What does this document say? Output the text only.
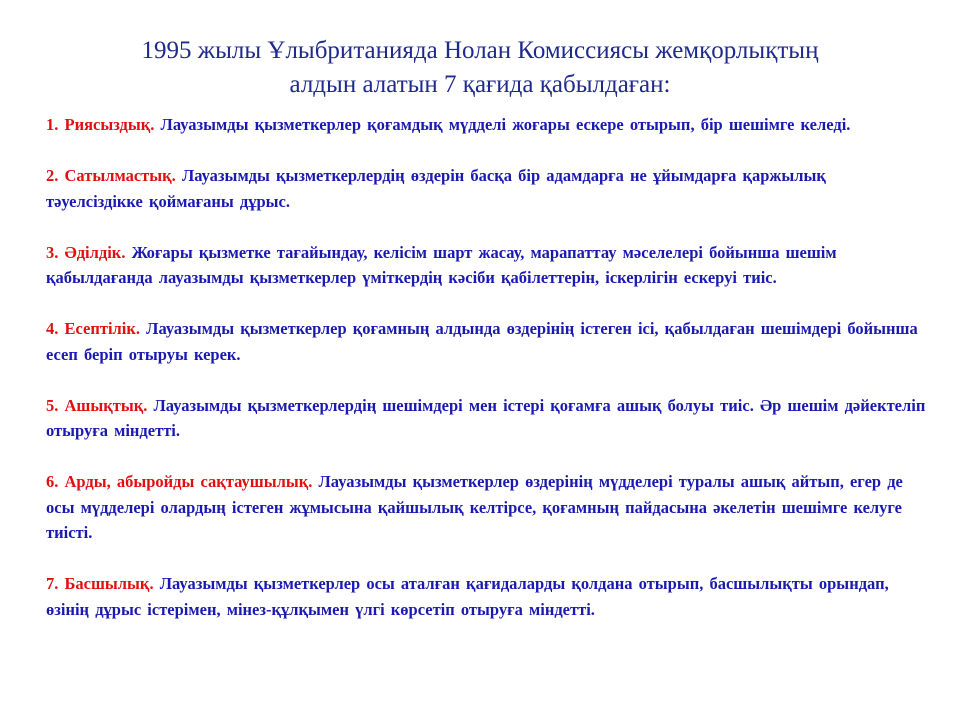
1995 жылы Ұлыбританияда Нолан Комиссиясы жемқорлықтың
алдын алатын 7 қағида қабылдаған:
1. Риясыздық. Лауазымды қызметкерлер қоғамдық мүдделі жоғары ескере отырып, бір шешімге келеді.
2. Сатылмастық. Лауазымды қызметкерлердің өздерін басқа бір адамдарға не ұйымдарға қаржылық тәуелсіздікке қоймағаны дұрыс.
3. Әділдік. Жоғары қызметке тағайындау, келісім шарт жасау, марапаттау мәселелері бойынша шешім қабылдағанда лауазымды қызметкерлер үміткердің кәсіби қабілеттерін, іскерлігін ескеруі тиіс.
4. Есептілік. Лауазымды қызметкерлер қоғамның алдында өздерінің істеген ісі, қабылдаған шешімдері бойынша есеп беріп отыруы керек.
5. Ашықтық. Лауазымды қызметкерлердің шешімдері мен істері қоғамға ашық болуы тиіс. Әр шешім дәйектеліп отыруға міндетті.
6. Арды, абыройды сақтаушылық. Лауазымды қызметкерлер өздерінің мүдделері туралы ашық айтып, егер де осы мүдделері олардың істеген жұмысына қайшылық келтірсе, қоғамның пайдасына әкелетін шешімге келуге тиісті.
7. Басшылық. Лауазымды қызметкерлер осы аталған қағидаларды қолдана отырып, басшылықты орындап, өзінің дұрыс істерімен, мінез-құлқымен үлгі көрсетіп отыруға міндетті.
